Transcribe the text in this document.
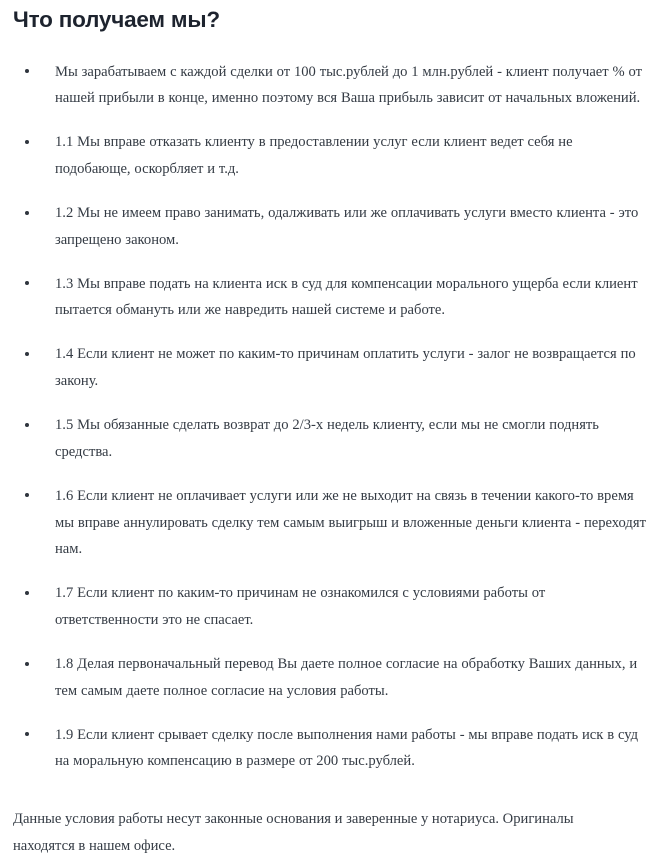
Что получаем мы?
Мы зарабатываем с каждой сделки от 100 тыс.рублей до 1 млн.рублей - клиент получает % от нашей прибыли в конце, именно поэтому вся Ваша прибыль зависит от начальных вложений.
1.1 Мы вправе отказать клиенту в предоставлении услуг если клиент ведет себя не подобающе, оскорбляет и т.д.
1.2 Мы не имеем право занимать, одалживать или же оплачивать услуги вместо клиента - это запрещено законом.
1.3 Мы вправе подать на клиента иск в суд для компенсации морального ущерба если клиент пытается обмануть или же навредить нашей системе и работе.
1.4 Если клиент не может по каким-то причинам оплатить услуги - залог не возвращается по закону.
1.5 Мы обязанные сделать возврат до 2/3-х недель клиенту, если мы не смогли поднять средства.
1.6 Если клиент не оплачивает услуги или же не выходит на связь в течении какого-то время мы вправе аннулировать сделку тем самым выигрыш и вложенные деньги клиента - переходят нам.
1.7 Если клиент по каким-то причинам не ознакомился с условиями работы от ответственности это не спасает.
1.8 Делая первоначальный перевод Вы даете полное согласие на обработку Ваших данных, и тем самым даете полное согласие на условия работы.
1.9 Если клиент срывает сделку после выполнения нами работы - мы вправе подать иск в суд на моральную компенсацию в размере от 200 тыс.рублей.

Данные условия работы несут законные основания и заверенные у нотариуса. Оригиналы находятся в нашем офисе.
